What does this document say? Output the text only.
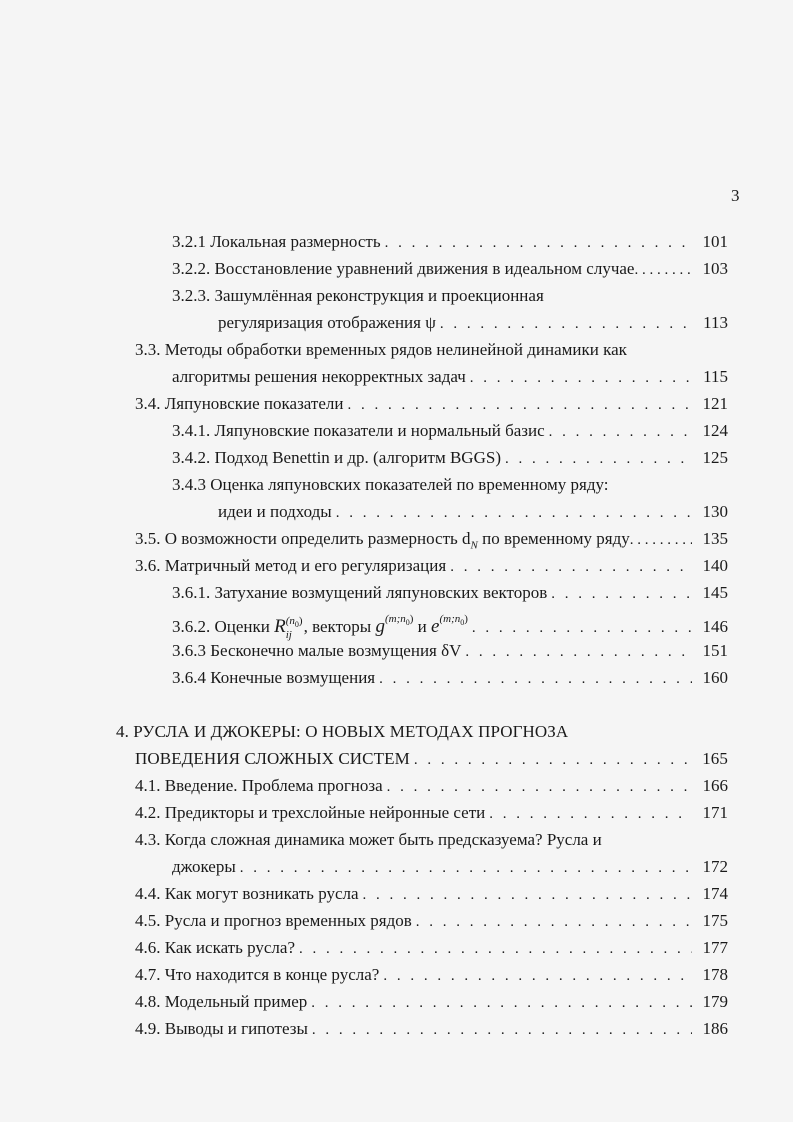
3
3.2.1 Локальная размерность . . .	101
3.2.2. Восстановление уравнений движения в идеальном случае . . .	103
3.2.3. Зашумлённая реконструкция и проекционная
регуляризация отображения ψ . . .	113
3.3. Методы обработки временных рядов нелинейной динамики как
алгоритмы решения некорректных задач . . .	115
3.4. Ляпуновские показатели . . .	121
3.4.1. Ляпуновские показатели и нормальный базис . . .	124
3.4.2. Подход Benettin и др. (алгоритм BGGS) . . .	125
3.4.3 Оценка ляпуновских показателей по временному ряду:
идеи и подходы . . .	130
3.5. О возможности определить размерность $d_N$ по временному ряду . . .	135
3.6. Матричный метод и его регуляризация . . .	140
3.6.1. Затухание возмущений ляпуновских векторов . . .	145
3.6.2. Оценки R $(n_0)$
ij , векторы $g^{(m;n_0)}$ и $e^{(m;n_0)}$ . . .	146
3.6.3 Бесконечно малые возмущения δV . . .	151
3.6.4 Конечные возмущения . . .	160
4. РУСЛА И ДЖОКЕРЫ: О НОВЫХ МЕТОДАХ ПРОГНОЗА
ПОВЕДЕНИЯ СЛОЖНЫХ СИСТЕМ . . .	165
4.1. Введение. Проблема прогноза . . .	166
4.2. Предикторы и трехслойные нейронные сети . . .	171
4.3. Когда сложная динамика может быть предсказуема? Русла и
джокеры . . .	172
4.4. Как могут возникать русла . . .	174
4.5. Русла и прогноз временных рядов . . .	175
4.6. Как искать русла? . . .	177
4.7. Что находится в конце русла? . . .	178
4.8. Модельный пример . . .	179
4.9. Выводы и гипотезы . . .	186
